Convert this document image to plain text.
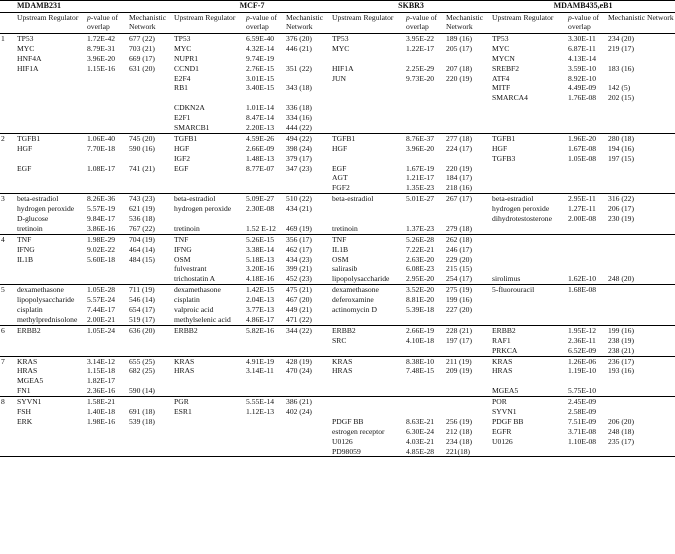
	MDAMB231			MCF-7			SKBR3			MDAMB435,eB1		
	Upstream Regulator	p-value of overlap	Mechanistic Network	Upstream Regulator	p-value of overlap	Mechanistic Network	Upstream Regulator	p-value of overlap	Mechanistic Network	Upstream Regulator	p-value of overlap	Mechanistic Network
1	TP53	1.72E-42	677 (22)	TP53	6.59E-40	376 (20)	TP53	3.95E-22	189 (16)	TP53	3.30E-11	234 (20)
	MYC	8.79E-31	703 (21)	MYC	4.32E-14	446 (21)	MYC	1.22E-17	205 (17)	MYC	6.87E-11	219 (17)
	HNF4A	3.96E-20	669 (17)	NUPR1	9.74E-19					MYCN	4.13E-14	
	HIF1A	1.15E-16	631 (20)	CCND1	2.76E-15	351 (22)	HIF1A	2.25E-29	207 (18)	SREBF2	3.59E-10	183 (16)
				E2F4	3.01E-15		JUN	9.73E-20	220 (19)	ATF4	8.92E-10	
				RB1	3.40E-15	343 (18)				MITF	4.49E-09	142 (5)
										SMARCA4	1.76E-08	202 (15)
				CDKN2A	1.01E-14	336 (18)						
				E2F1	8.47E-14	334 (16)						
				SMARCB1	2.20E-13	444 (22)						
2	TGFB1	1.06E-40	745 (20)	TGFB1	4.59E-26	494 (22)	TGFB1	8.76E-37	277 (18)	TGFB1	1.96E-20	280 (18)
	HGF	7.70E-18	590 (16)	HGF	2.66E-09	398 (24)	HGF	3.96E-20	224 (17)	HGF	1.67E-08	194 (16)
				IGF2	1.48E-13	379 (17)				TGFB3	1.05E-08	197 (15)
	EGF	1.08E-17	741 (21)	EGF	8.77E-07	347 (23)	EGF	1.67E-19	220 (19)			
							AGT	1.21E-17	184 (17)			
							FGF2	1.35E-23	218 (16)			
3	beta-estradiol	8.26E-36	743 (23)	beta-estradiol	5.09E-27	510 (22)	beta-estradiol	5.01E-27	267 (17)	beta-estradiol	2.95E-11	316 (22)
	hydrogen peroxide	5.57E-19	621 (19)	hydrogen peroxide	2.30E-08	434 (21)				hydrogen peroxide	1.27E-11	206 (17)
	D-glucose	9.84E-17	536 (18)							dihydrotestosterone	2.00E-08	230 (19)
	tretinoin	3.86E-16	767 (22)	tretinoin	1.52 E-12	469 (19)	tretinoin	1.37E-23	279 (18)			
4	TNF	1.98E-29	704 (19)	TNF	5.26E-15	356 (17)	TNF	5.26E-28	262 (18)			
	IFNG	9.02E-22	464 (14)	IFNG	3.38E-14	462 (17)	IL1B	7.22E-21	246 (17)			
	IL1B	5.60E-18	484 (15)	OSM	5.18E-13	434 (23)	OSM	2.63E-20	229 (20)			
				fulvestrant	3.20E-16	399 (21)	salirasib	6.08E-23	215 (15)			
				trichostatin A	4.18E-16	452 (23)	lipopolysaccharide	2.95E-20	254 (17)	sirolimus	1.62E-10	248 (20)
5	dexamethasone	1.05E-28	711 (19)	dexamethasone	1.42E-15	475 (21)	dexamethasone	3.52E-20	275 (19)	5-fluorouracil	1.68E-08	
	lipopolysaccharide	5.57E-24	546 (14)	cisplatin	2.04E-13	467 (20)	deferoxamine	8.81E-20	199 (16)			
	cisplatin	7.44E-17	654 (17)	valproic acid	3.77E-13	449 (21)	actinomycin D	5.39E-18	227 (20)			
	methylprednisolone	2.00E-21	519 (17)	methylselenic acid	4.86E-17	471 (22)						
6	ERBB2	1.05E-24	636 (20)	ERBB2	5.82E-16	344 (22)	ERBB2	2.66E-19	228 (21)	ERBB2	1.95E-12	199 (16)
							SRC	4.10E-18	197 (17)	RAF1	2.36E-11	238 (19)
										PRKCA	6.52E-09	238 (21)
7	KRAS	3.14E-12	655 (25)	KRAS	4.91E-19	428 (19)	KRAS	8.38E-10	211 (19)	KRAS	1.26E-06	236 (17)
	HRAS	1.15E-18	682 (25)	HRAS	3.14E-11	470 (24)	HRAS	7.48E-15	209 (19)	HRAS	1.19E-10	193 (16)
	MGEA5	1.82E-17										
	FN1	2.36E-16	590 (14)							MGEA5	5.75E-10	
8	SYVN1	1.58E-21		PGR	5.55E-14	386 (21)				POR	2.45E-09	
	FSH	1.40E-18	691 (18)	ESR1	1.12E-13	402 (24)				SYVN1	2.58E-09	
	ERK	1.98E-16	539 (18)				PDGF BB	8.63E-21	256 (19)	PDGF BB	7.51E-09	206 (20)
							estrogen receptor	6.30E-24	212 (18)	EGFR	3.71E-08	248 (18)
							U0126	4.03E-21	234 (18)	U0126	1.10E-08	235 (17)
							PD98059	4.85E-28	221(18)			
